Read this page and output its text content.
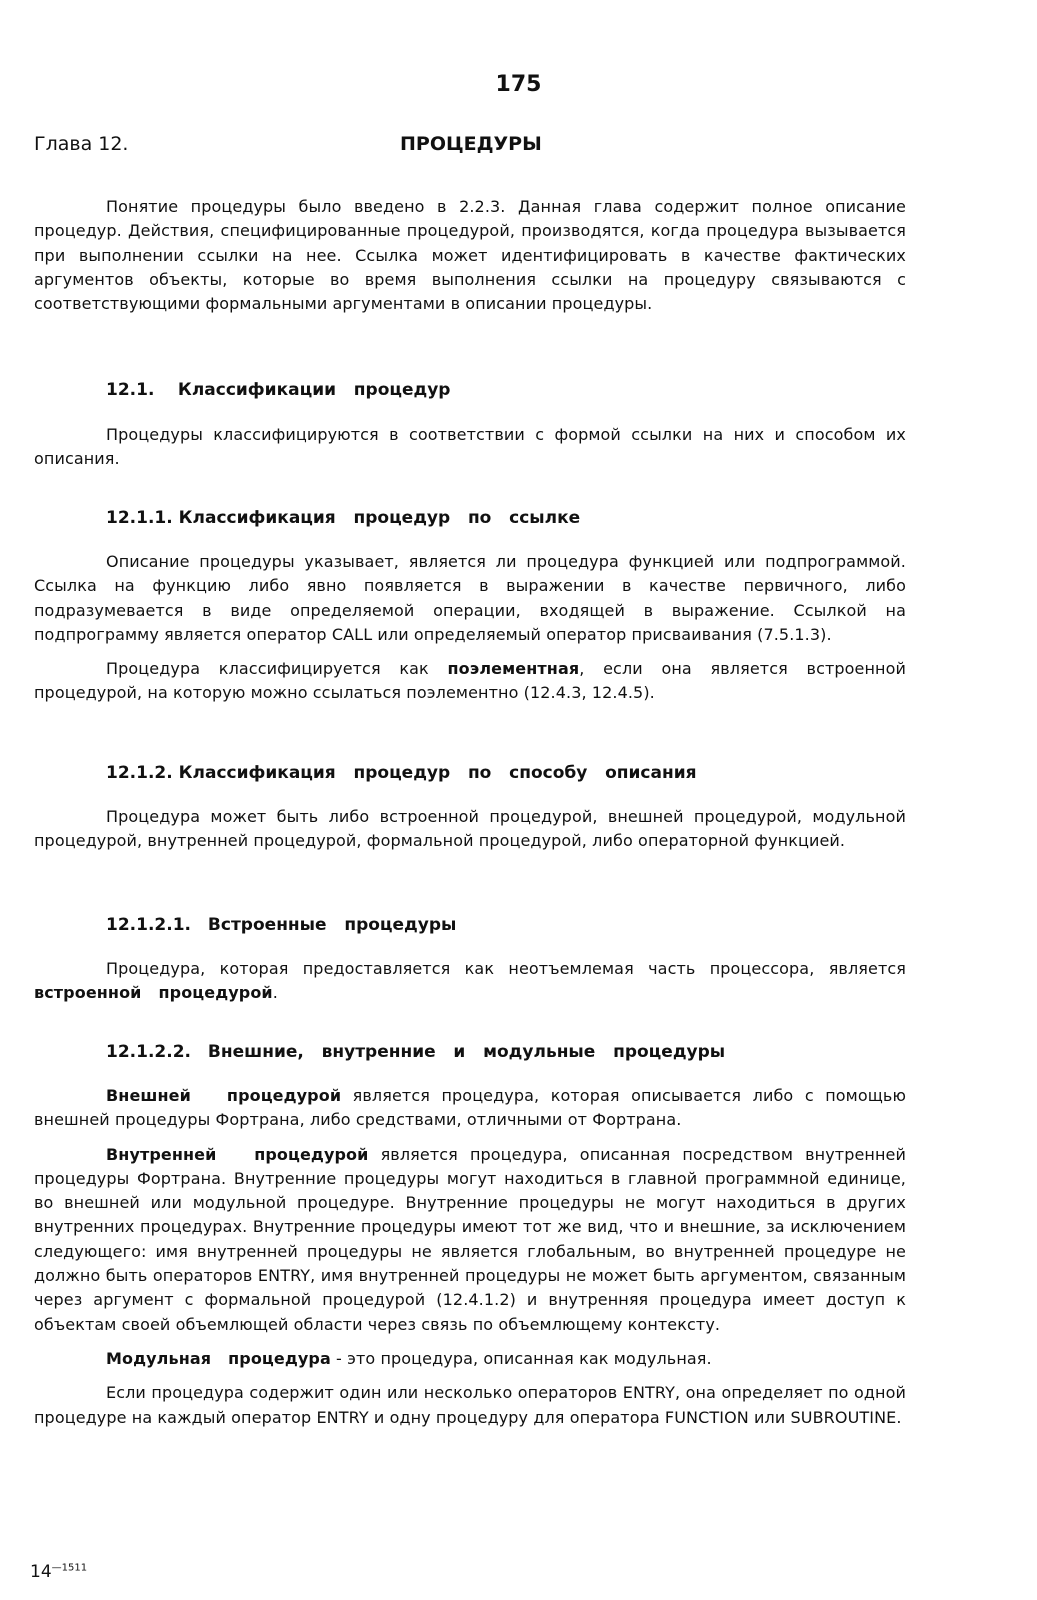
175
Глава 12.	ПРОЦЕДУРЫ

Понятие процедуры было введено в 2.2.3. Данная глава содержит полное описание процедур. Действия, специфицированные процедурой, производятся, когда процедура вызывается при выполнении ссылки на нее. Ссылка может идентифицировать в качестве фактических аргументов объекты, которые во время выполнения ссылки на процедуру связываются с соответствующими формальными аргументами в описании процедуры.

12.1. Классификации   процедур

Процедуры классифицируются в соответствии с формой ссылки на них и способом их описания.

12.1.1. Классификация   процедур   по   ссылке

Описание процедуры указывает, является ли процедура функцией или подпрограммой. Ссылка на функцию либо явно появляется в выражении в качестве первичного, либо подразумевается в виде определяемой операции, входящей в выражение. Ссылкой на подпрограмму является оператор CALL или определяемый оператор присваивания (7.5.1.3).

Процедура классифицируется как поэлементная, если она является встроенной процедурой, на которую можно ссылаться поэлементно (12.4.3, 12.4.5).

12.1.2. Классификация   процедур   по   способу   описания

Процедура может быть либо встроенной процедурой, внешней процедурой, модульной процедурой, внутренней процедурой, формальной процедурой, либо операторной функцией.

12.1.2.1. Встроенные   процедуры

Процедура, которая предоставляется как неотъемлемая часть процессора, является встроенной   процедурой.

12.1.2.2. Внешние,   внутренние   и   модульные   процедуры

Внешней   процедурой является процедура, которая описывается либо с помощью внешней процедуры Фортрана, либо средствами, отличными от Фортрана.

Внутренней   процедурой является процедура, описанная посредством внутренней процедуры Фортрана. Внутренние процедуры могут находиться в главной программной единице, во внешней или модульной процедуре. Внутренние процедуры не могут находиться в других внутренних процедурах. Внутренние процедуры имеют тот же вид, что и внешние, за исключением следующего: имя внутренней процедуры не является глобальным, во внутренней процедуре не должно быть операторов ENTRY, имя внутренней процедуры не может быть аргументом, связанным через аргумент с формальной процедурой (12.4.1.2) и внутренняя процедура имеет доступ к объектам своей объемлющей области через связь по объемлющему контексту.

Модульная   процедура - это процедура, описанная как модульная.

Если процедура содержит один или несколько операторов ENTRY, она определяет по одной процедуре на каждый оператор ENTRY и одну процедуру для оператора FUNCTION или SUBROUTINE.

$14^{—1511}$
